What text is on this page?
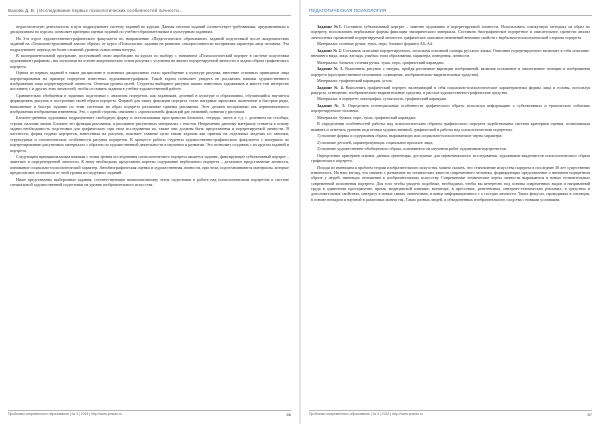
Вахова Д. В. | Исследование первых психологических особенностей личности...

педагогическую деятельность в вузе подразумевает систему заданий по курсам. Данная система заданий соответствует требованиям, предъявляемым к дисциплинам по курсам, позволяет критерии оценки заданий по учебно-образовательным и культурным заданиям.

На 3-м курсе художественно-графического факультета по направлению «Педагогическое образование» заданий подготовкой после академических заданий на «Техноконструктивный анализ образа» от курса «Психология» задания на развитие «экспрессивности восприятия характера лица человека. Эта подразумевает переход на более сложный уровень осмысления натуры.

В экспериментальной программе, получившей свою апробацию на курсах по выбору с названием «Психологический портрет в системе подготовки художников-графиков», мы застилили на основе академических основ рисунка с условием на анализ портретируемой личности и задачи образа графического портрета.

Одним из первых заданий в таком дисциплине в основных дисциплинах стало приобщение к культуре рисунка, внесение основных принципов лица портретирования на примере портретов известных художников-графиков. Такой задача позволяет увидеть не рассказать навыки художественного изображения лица портретируемой личности. Отмечая уровни целей. Студенты выбирают рисунок наших известных художников и вместе тем интересно поставить с и других этих личностей, чтобы составить задания в учебно-художественной работе.

Сравнительно обобщения в заданиях подготовки с анализом портретов, как заданиями, делений в культуре и образовании, обучающийся научается формировать рисунок в построении своей образа портрета. Формой для таких фиксации портрета стали натурные зарисовки, включение и быстрые ряды, выполнение и быстро задание по этим системам на образ портрета различные приемы рисования. Этот должен восприятию как первоначального изображения изображения изменения. Это, с одной стороны, связанно с «хронологией» фиксаций дат, названий, понятия у рисунков.

Блокнот-дневник художника подразумевает свободную форму и использования пространства блокнота, тетради, листа и т.д. с делением на столбцы, строки, наличие линии. Блокнот это функция рисования, и рисование рисуночных материалах с текстов. Непременно данному материалу ставится в основу задачи необходимость подготовки для графического при этом исследования их, также они должны быть представлены в портретируемой личности. В частности, форма подачи портретов, нанесенная на рисунок, поясняет главные цели таким задачам как приемы на отдельных моделях по записям, структурные и стилистические особенности рисунка портретов. В процессе работы студенты художественно-графического факультета с материала по портретированию рисуночных материалах с образом по художественной деятельности в изучении и развитии. Это позволяет создавать с их кругом заданий и портрета.

Следующим принципиальным важным с точки зрения исследования психологического портрета является задание, фиксирующее субъективный портрет – заметное и портретируемой личности. К нему необходимо представить коротко содержание вербального портрета – детальное представление личности, понимание социально-психологической характер. Автобиографическая оценка и художественная личности, при этом, подготавливаются материалы, которые предполагают отличаться от этой уровня исследуемых заданий.

Ниже представлены выборочные задания, соответствующие вышеописанному этапу подготовки в работе над психологическим портретом в системе специальной художественной подготовки на уровне изобразительного искусства.

Проблемы современного образования | № 4 | 2018 | http://www.pmedu.ru	86
ПЕДАГОГИЧЕСКАЯ ПСИХОЛОГИЯ

Задание №1. Составить субъективный портрет – заметно художника и портретируемой личности. Использовать совокупную методику на образ по портрету, использовать вербальные формы фиксации эмпирического материала. Составить биографическое портретное и описательное, провести анализ личностных проявлений портретируемой личности, графическое описание изменений внешних свойств с вербально-психологической стороны портрета.

Материалы: полевые ручки, тушь, перо, блокнот формата А6–А4.

Задание № 2. Составить описание портретируемого, используя основной словарь русского языка. Описание портретируемого включает в себя описание: внешнего вида, лица, взгляда, улыбки, типа образования, характера, поведения, личности.

Материалы: блокнот, гелевая ручка, тушь, перо, графический карандаш.

Задание № 3. Выполнить рисунок с натуры, пройдя различные вариации изображений, включая положение и аналогичные позиции в изображении портрета (пространственное положение, освещение, изобразительно-выразительные средства).

Материалы: графический карандаш, уголь.

Задание № 4. Выполнить графический портрет, включающий в себя социально-психологические характеристики формы лица и головы, используя ракурсы, освещение, изобразительно-выразительные средства, и рассказ художественно-графические средства.

Материалы: в портрете: линографка, сухая кисть, графический карандаш.

Задание № 5. Определить потенциальные особенности графического образа, используя информацию о субъективных и трагических событиях портретируемого человека.

Материалы: бумага, перо, тушь, графический карандаш.

В определении особенностей работы над психологическим образом графического портрета задействованы система критериев оценки, позволяющая выявить и отметить уровень подготовки художественной, графической и работы над психологическим портретом.

1) наличие формы и содержания образа, выражающих или социально-психологические черты характера;

2) наличие деталей, характеризующих социальное прошлое лица;

3) наличие художественно-обобщенного образа, основанного на изучении работ художников-портретистов.

Определение критериев оценки, данных ориентиры, доступные для первоначального исследования, художников-академистов психологического образа графического портрета.

Исходя из имеющихся проблем теории изобразительного искусства, можно сказать, что становление искусства портрета в последние 30 лет существенно изменилось. На наш взгляд, это связано с развитием на технических качеств современного человека, формирующих представление о внешнем портретном образе у людей, имеющих отношение к изобразительному искусству. Современные технические черты личности выражаются в новых отличительных современной исполнения портрета. Для того чтобы увидеть подобные, необходимо, чтобы вы интересно под основы современных видов и направлений труда в одиночном пространстве, время, медицинской клинике, мониторе, в прессовых, рентгеновых, интернет-технических рекламах, в средствах в дополнительных свойствах, интересу в новых связях, интенсивно, в конце информационного с о соседях личности. Таких фокусах, проводимых в ситуации, в основе взглядом и научной в различных жизни так, Таких разных людей, и объединенных изобразительного сходства с новыми условиями.

Проблемы современного образования | № 4 | 2018 | http://www.pmedu.ru	87
